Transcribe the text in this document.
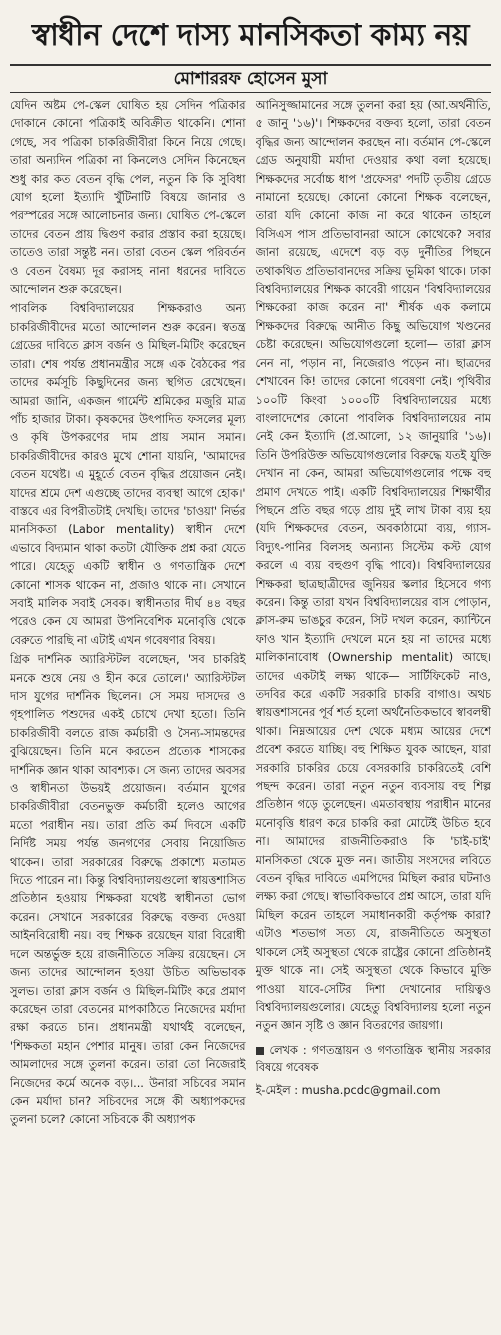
স্বাধীন দেশে দাস্য মানসিকতা কাম্য নয়
মোশাররফ হোসেন মুসা

যেদিন অষ্টম পে-স্কেল ঘোষিত হয় সেদিন পত্রিকার দোকানে কোনো পত্রিকাই অবিক্রীত থাকেনি। শোনা গেছে, সব পত্রিকা চাকরিজীবীরা কিনে নিয়ে গেছে। তারা অন্যদিন পত্রিকা না কিনলেও সেদিন কিনেছেন শুধু কার কত বেতন বৃদ্ধি পেল, নতুন কি কি সুবিধা যোগ হলো ইত্যাদি খুঁটিনাটি বিষয়ে জানার ও পরস্পরের সঙ্গে আলোচনার জন্য। ঘোষিত পে-স্কেলে তাদের বেতন প্রায় দ্বিগুণ করার প্রস্তাব করা হয়েছে। তাতেও তারা সন্তুষ্ট নন। তারা বেতন স্কেল পরিবর্তন ও বেতন বৈষম্য দূর করাসহ নানা ধরনের দাবিতে আন্দোলন শুরু করেছেন।

পাবলিক বিশ্ববিদ্যালয়ের শিক্ষকরাও অন্য চাকরিজীবীদের মতো আন্দোলন শুরু করেন। স্বতন্ত্র গ্রেডের দাবিতে ক্লাস বর্জন ও মিছিল-মিটিং করেছেন তারা। শেষ পর্যন্ত প্রধানমন্ত্রীর সঙ্গে এক বৈঠকের পর তাদের কর্মসূচি কিছুদিনের জন্য স্থগিত রেখেছেন। আমরা জানি, একজন গার্মেন্ট শ্রমিকের মজুরি মাত্র পাঁচ হাজার টাকা। কৃষকদের উৎপাদিত ফসলের মূল্য ও কৃষি উপকরণের দাম প্রায় সমান সমান। চাকরিজীবীদের কারও মুখে শোনা যায়নি, 'আমাদের বেতন যথেষ্ট। এ মুহূর্তে বেতন বৃদ্ধির প্রয়োজন নেই। যাদের শ্রমে দেশ এগুচ্ছে তাদের ব্যবস্থা আগে হোক।' বাস্তবে এর বিপরীতটাই দেখছি। তাদের 'চাওয়া' নির্ভর মানসিকতা (Labor mentality) স্বাধীন দেশে এভাবে বিদ্যমান থাকা কতটা যৌক্তিক প্রশ্ন করা যেতে পারে। যেহেতু একটি স্বাধীন ও গণতান্ত্রিক দেশে কোনো শাসক থাকেন না, প্রজাও থাকে না। সেখানে সবাই মালিক সবাই সেবক। স্বাধীনতার দীর্ঘ ৪৪ বছর পরেও কেন যে আমরা উপনিবেশিক মনোবৃত্তি থেকে বেরুতে পারছি না এটাই এখন গবেষণার বিষয়।

গ্রিক দার্শনিক অ্যারিস্টটল বলেছেন, 'সব চাকরিই মনকে শুষে নেয় ও হীন করে তোলে।' অ্যারিস্টটল দাস যুগের দার্শনিক ছিলেন। সে সময় দাসদের ও গৃহপালিত পশুদের একই চোখে দেখা হতো। তিনি চাকরিজীবী বলতে রাজ কর্মচারী ও সৈন্য-সামন্তদের বুঝিয়েছেন। তিনি মনে করতেন প্রত্যেক শাসকের দার্শনিক জ্ঞান থাকা আবশ্যক। সে জন্য তাদের অবসর ও স্বাধীনতা উভয়ই প্রয়োজন। বর্তমান যুগের চাকরিজীবীরা বেতনভুক্ত কর্মচারী হলেও আগের মতো পরাধীন নয়। তারা প্রতি কর্ম দিবসে একটি নির্দিষ্ট সময় পর্যন্ত জনগণের সেবায় নিয়োজিত থাকেন। তারা সরকারের বিরুদ্ধে প্রকাশ্যে মতামত দিতে পারেন না। কিন্তু বিশ্ববিদ্যালয়গুলো স্বায়ত্তশাসিত প্রতিষ্ঠান হওয়ায় শিক্ষকরা যথেষ্ট স্বাধীনতা ভোগ করেন। সেখানে সরকারের বিরুদ্ধে বক্তব্য দেওয়া আইনবিরোধী নয়। বহু শিক্ষক রয়েছেন যারা বিরোধী দলে অন্তর্ভুক্ত হয়ে রাজনীতিতে সক্রিয় রয়েছেন। সে জন্য তাদের আন্দোলন হওয়া উচিত অভিভাবক সুলভ। তারা ক্লাস বর্জন ও মিছিল-মিটিং করে প্রমাণ করেছেন তারা বেতনের মাপকাঠিতে নিজেদের মর্যাদা রক্ষা করতে চান। প্রধানমন্ত্রী যথার্থই বলেছেন, 'শিক্ষকতা মহান পেশার মানুষ। তারা কেন নিজেদের আমলাদের সঙ্গে তুলনা করেন। তারা তো নিজেরাই নিজেদের কর্মে অনেক বড়।... উনারা সচিবের সমান কেন মর্যাদা চান? সচিবদের সঙ্গে কী অধ্যাপকদের তুলনা চলে? কোনো সচিবকে কী অধ্যাপক

আনিসুজ্জামানের সঙ্গে তুলনা করা হয় (আ.অর্থনীতি, ৫ জানু '১৬)'। শিক্ষকদের বক্তব্য হলো, তারা বেতন বৃদ্ধির জন্য আন্দোলন করছেন না। বর্তমান পে-স্কেলে গ্রেড অনুযায়ী মর্যাদা দেওয়ার কথা বলা হয়েছে। শিক্ষকদের সর্বোচ্চ ধাপ 'প্রফেসর' পদটি তৃতীয় গ্রেডে নামানো হয়েছে। কোনো কোনো শিক্ষক বলেছেন, তারা যদি কোনো কাজ না করে থাকেন তাহলে বিসিএস পাস প্রতিভাবানরা আসে কোথেকে? সবার জানা রয়েছে, এদেশে বড় বড় দুর্নীতির পিছনে তথাকথিত প্রতিভাবানদের সক্রিয় ভূমিকা থাকে। ঢাকা বিশ্ববিদ্যালয়ের শিক্ষক কাবেরী গায়েন 'বিশ্ববিদ্যালয়ের শিক্ষকেরা কাজ করেন না' শীর্ষক এক কলামে শিক্ষকদের বিরুদ্ধে আনীত কিছু অভিযোগ খণ্ডনের চেষ্টা করেছেন। অভিযোগগুলো হলো— তারা ক্লাস নেন না, পড়ান না, নিজেরাও পড়েন না। ছাত্রদের শেখাবেন কি! তাদের কোনো গবেষণা নেই। পৃথিবীর ১০০টি কিংবা ১০০০টি বিশ্ববিদ্যালয়ের মধ্যে বাংলাদেশের কোনো পাবলিক বিশ্ববিদ্যালয়ের নাম নেই কেন ইত্যাদি (প্র.আলো, ১২ জানুয়ারি '১৬)। তিনি উপরিউক্ত অভিযোগগুলোর বিরুদ্ধে যতই যুক্তি দেখান না কেন, আমরা অভিযোগগুলোর পক্ষে বহু প্রমাণ দেখতে পাই। একটি বিশ্ববিদ্যালয়ের শিক্ষার্থীর পিছনে প্রতি বছর গড়ে প্রায় দুই লাখ টাকা ব্যয় হয় (যদি শিক্ষকদের বেতন, অবকাঠামো ব্যয়, গ্যাস-বিদ্যুৎ-পানির বিলসহ অন্যান্য সিস্টেম কস্ট যোগ করলে এ ব্যয় বহুগুণ বৃদ্ধি পাবে)। বিশ্ববিদ্যালয়ের শিক্ষকরা ছাত্রছাত্রীদের জুনিয়র স্কলার হিসেবে গণ্য করেন। কিন্তু তারা যখন বিশ্ববিদ্যালয়ের বাস পোড়ান, ক্লাস-রুম ভাঙচুর করেন, সিট দখল করেন, ক্যান্টিনে ফাও খান ইত্যাদি দেখলে মনে হয় না তাদের মধ্যে মালিকানাবোধ (Ownership mentalit) আছে। তাদের একটাই লক্ষ্য থাকে— সার্টিফিকেট নাও, তদবির করে একটি সরকারি চাকরি বাগাও। অথচ স্বায়ত্তশাসনের পূর্ব শর্ত হলো অর্থনৈতিকভাবে স্বাবলম্বী থাকা। নিম্নআয়ের দেশ থেকে মধ্যম আয়ের দেশে প্রবেশ করতে যাচ্ছি। বহু শিক্ষিত যুবক আছেন, যারা সরকারি চাকরির চেয়ে বেসরকারি চাকরিতেই বেশি পছন্দ করেন। তারা নতুন নতুন ব্যবসায় বহু শিল্প প্রতিষ্ঠান গড়ে তুলেছেন। এমতাবস্থায় পরাধীন মানের মনোবৃত্তি ধারণ করে চাকরি করা মোটেই উচিত হবে না। আমাদের রাজনীতিকরাও কি 'চাই-চাই' মানসিকতা থেকে মুক্ত নন। জাতীয় সংসদের লবিতে বেতন বৃদ্ধির দাবিতে এমপিদের মিছিল করার ঘটনাও লক্ষ্য করা গেছে। স্বাভাবিকভাবে প্রশ্ন আসে, তারা যদি মিছিল করেন তাহলে সমাধানকারী কর্তৃপক্ষ কারা? এটাও শতভাগ সত্য যে, রাজনীতিতে অসুস্থতা থাকলে সেই অসুস্থতা থেকে রাষ্ট্রের কোনো প্রতিষ্ঠানই মুক্ত থাকে না। সেই অসুস্থতা থেকে কিভাবে মুক্তি পাওয়া যাবে-সেটির দিশা দেখানোর দায়িত্বও বিশ্ববিদ্যালয়গুলোর। যেহেতু বিশ্ববিদ্যালয় হলো নতুন নতুন জ্ঞান সৃষ্টি ও জ্ঞান বিতরণের জায়গা।

লেখক : গণতন্ত্রায়ন ও গণতান্ত্রিক স্থানীয় সরকার বিষয়ে গবেষক
ই-মেইল : musha.pcdc@gmail.com
